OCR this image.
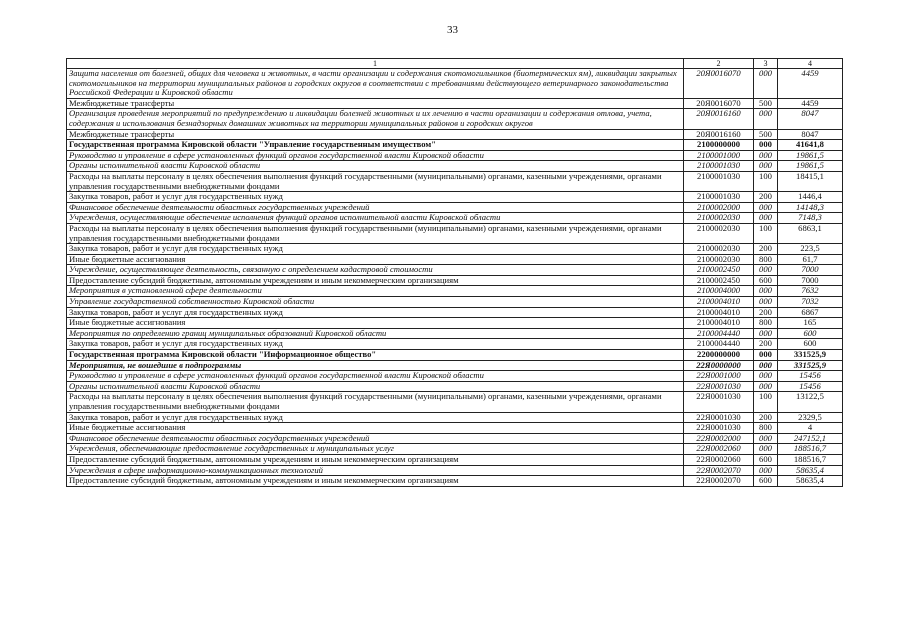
33
1	2	3	4
Защита населения от болезней, общих для человека и животных, в части организации и содержания скотомогильников (биотермических ям), ликвидации закрытых скотомогильников на территории муниципальных районов и городских округов в соответствии с требованиями действующего ветеринарного законодательства Российской Федерации и Кировской области	20Я0016070	000	4459
Межбюджетные трансферты	20Я0016070	500	4459
Организация проведения мероприятий по предупреждению и ликвидации болезней животных и их лечению в части организации и содержания отлова, учета, содержания и использования безнадзорных домашних животных на территории муниципальных районов и городских округов	20Я0016160	000	8047
Межбюджетные трансферты	20Я0016160	500	8047
Государственная программа Кировской области "Управление государственным имуществом"	2100000000	000	41641,8
Руководство и управление в сфере установленных функций органов государственной власти Кировской области	2100001000	000	19861,5
Органы исполнительной власти Кировской области	2100001030	000	19861,5
Расходы на выплаты персоналу в целях обеспечения выполнения функций государственными (муниципальными) органами, казенными учреждениями, органами управления государственными внебюджетными фондами	2100001030	100	18415,1
Закупка товаров, работ и услуг для государственных нужд	2100001030	200	1446,4
Финансовое обеспечение деятельности областных государственных учреждений	2100002000	000	14148,3
Учреждения, осуществляющие обеспечение исполнения функций органов исполнительной власти Кировской области	2100002030	000	7148,3
Расходы на выплаты персоналу в целях обеспечения выполнения функций государственными (муниципальными) органами, казенными учреждениями, органами управления государственными внебюджетными фондами	2100002030	100	6863,1
Закупка товаров, работ и услуг для государственных нужд	2100002030	200	223,5
Иные бюджетные ассигнования	2100002030	800	61,7
Учреждение, осуществляющее деятельность, связанную с определением кадастровой стоимости	2100002450	000	7000
Предоставление субсидий бюджетным, автономным учреждениям и иным некоммерческим организациям	2100002450	600	7000
Мероприятия в установленной сфере деятельности	2100004000	000	7632
Управление государственной собственностью Кировской области	2100004010	000	7032
Закупка товаров, работ и услуг для государственных нужд	2100004010	200	6867
Иные бюджетные ассигнования	2100004010	800	165
Мероприятия по определению границ муниципальных образований Кировской области	2100004440	000	600
Закупка товаров, работ и услуг для государственных нужд	2100004440	200	600
Государственная программа Кировской области "Информационное общество"	2200000000	000	331525,9
Мероприятия, не вошедшие в подпрограммы	22Я0000000	000	331525,9
Руководство и управление в сфере установленных функций органов государственной власти Кировской области	22Я0001000	000	15456
Органы исполнительной власти Кировской области	22Я0001030	000	15456
Расходы на выплаты персоналу в целях обеспечения выполнения функций государственными (муниципальными) органами, казенными учреждениями, органами управления государственными внебюджетными фондами	22Я0001030	100	13122,5
Закупка товаров, работ и услуг для государственных нужд	22Я0001030	200	2329,5
Иные бюджетные ассигнования	22Я0001030	800	4
Финансовое обеспечение деятельности областных государственных учреждений	22Я0002000	000	247152,1
Учреждения, обеспечивающие предоставление государственных и муниципальных услуг	22Я0002060	000	188516,7
Предоставление субсидий бюджетным, автономным учреждениям и иным некоммерческим организациям	22Я0002060	600	188516,7
Учреждения в сфере информационно-коммуникационных технологий	22Я0002070	000	58635,4
Предоставление субсидий бюджетным, автономным учреждениям и иным некоммерческим организациям	22Я0002070	600	58635,4
